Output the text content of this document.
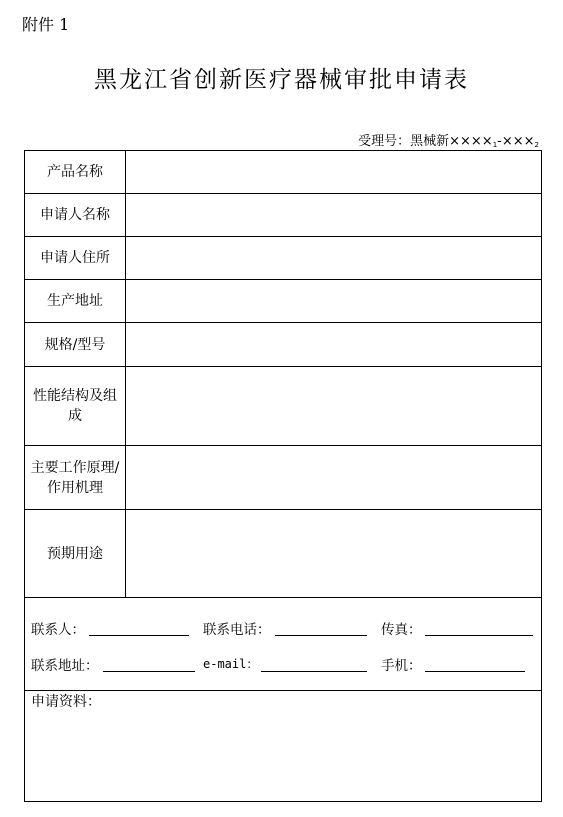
附件 1
黑龙江省创新医疗器械审批申请表
受理号：黑械新$\times\times\times\times_1-\times\times\times_2$
产品名称
申请人名称
申请人住所
生产地址
规格/型号
性能结构及组成
主要工作原理/作用机理
预期用途
联系人：	联系电话：	传真：
联系地址：	e-mail：	手机：
申请资料：
